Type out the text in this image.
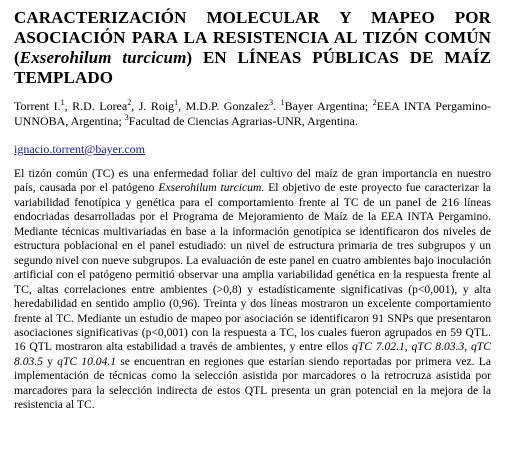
CARACTERIZACIÓN MOLECULAR Y MAPEO POR ASOCIACIÓN PARA LA RESISTENCIA AL TIZÓN COMÚN (Exserohilum turcicum) EN LÍNEAS PÚBLICAS DE MAÍZ TEMPLADO

Torrent I.$^1$, R.D. Lorea$^2$, J. Roig$^1$, M.D.P. Gonzalez$^3$. $^1$Bayer Argentina; $^2$EEA INTA Pergamino-UNNOBA, Argentina; $^3$Facultad de Ciencias Agrarias-UNR, Argentina.

ignacio.torrent@bayer.com

El tizón común (TC) es una enfermedad foliar del cultivo del maíz de gran importancia en nuestro país, causada por el patógeno Exserohilum turcicum. El objetivo de este proyecto fue caracterizar la variabilidad fenotípica y genética para el comportamiento frente al TC de un panel de 216 líneas endocriadas desarrolladas por el Programa de Mejoramiento de Maíz de la EEA INTA Pergamino. Mediante técnicas multivariadas en base a la información genotípica se identificaron dos niveles de estructura poblacional en el panel estudiado: un nivel de estructura primaria de tres subgrupos y un segundo nivel con nueve subgrupos. La evaluación de este panel en cuatro ambientes bajo inoculación artificial con el patógeno permitió observar una amplia variabilidad genética en la respuesta frente al TC, altas correlaciones entre ambientes (>0,8) y estadísticamente significativas (p<0,001), y alta heredabilidad en sentido amplio (0,96). Treinta y dos líneas mostraron un excelente comportamiento frente al TC. Mediante un estudio de mapeo por asociación se identificaron 91 SNPs que presentaron asociaciones significativas (p<0,001) con la respuesta a TC, los cuales fueron agrupados en 59 QTL. 16 QTL mostraron alta estabilidad a través de ambientes, y entre ellos qTC 7.02.1, qTC 8.03.3, qTC 8.03.5 y qTC 10.04.1 se encuentran en regiones que estarían siendo reportadas por primera vez. La implementación de técnicas como la selección asistida por marcadores o la retrocruza asistida por marcadores para la selección indirecta de estos QTL presenta un gran potencial en la mejora de la resistencia al TC.
